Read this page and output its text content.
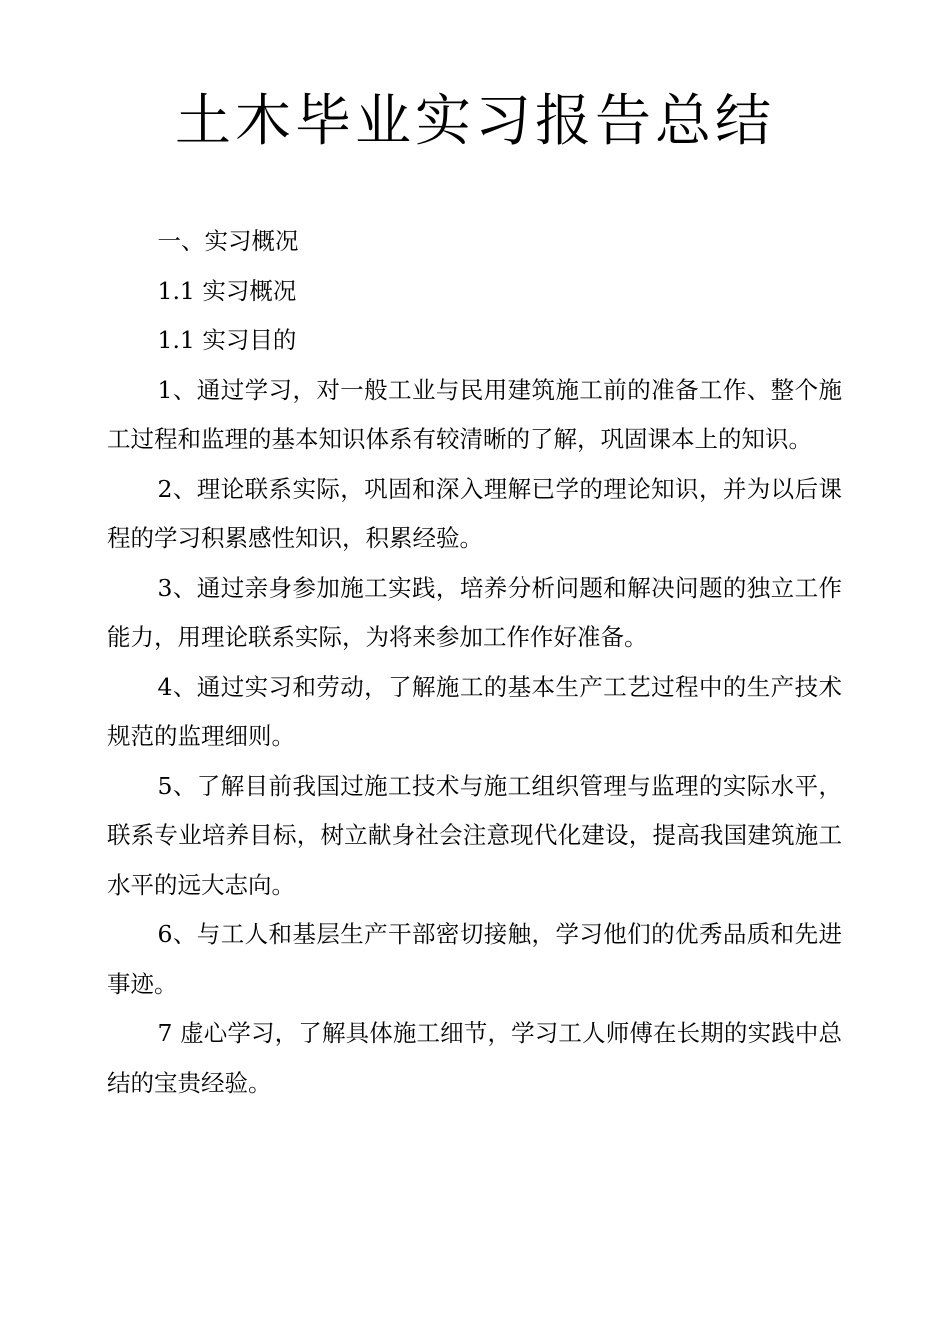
土木毕业实习报告总结

一、实习概况

1.1 实习概况

1.1 实习目的

1、通过学习，对一般工业与民用建筑施工前的准备工作、整个施工过程和监理的基本知识体系有较清晰的了解，巩固课本上的知识。

2、理论联系实际，巩固和深入理解已学的理论知识，并为以后课程的学习积累感性知识，积累经验。

3、通过亲身参加施工实践，培养分析问题和解决问题的独立工作能力，用理论联系实际，为将来参加工作作好准备。

4、通过实习和劳动，了解施工的基本生产工艺过程中的生产技术规范的监理细则。

5、了解目前我国过施工技术与施工组织管理与监理的实际水平，联系专业培养目标，树立献身社会注意现代化建设，提高我国建筑施工水平的远大志向。

6、与工人和基层生产干部密切接触，学习他们的优秀品质和先进事迹。

7 虚心学习，了解具体施工细节，学习工人师傅在长期的实践中总结的宝贵经验。
